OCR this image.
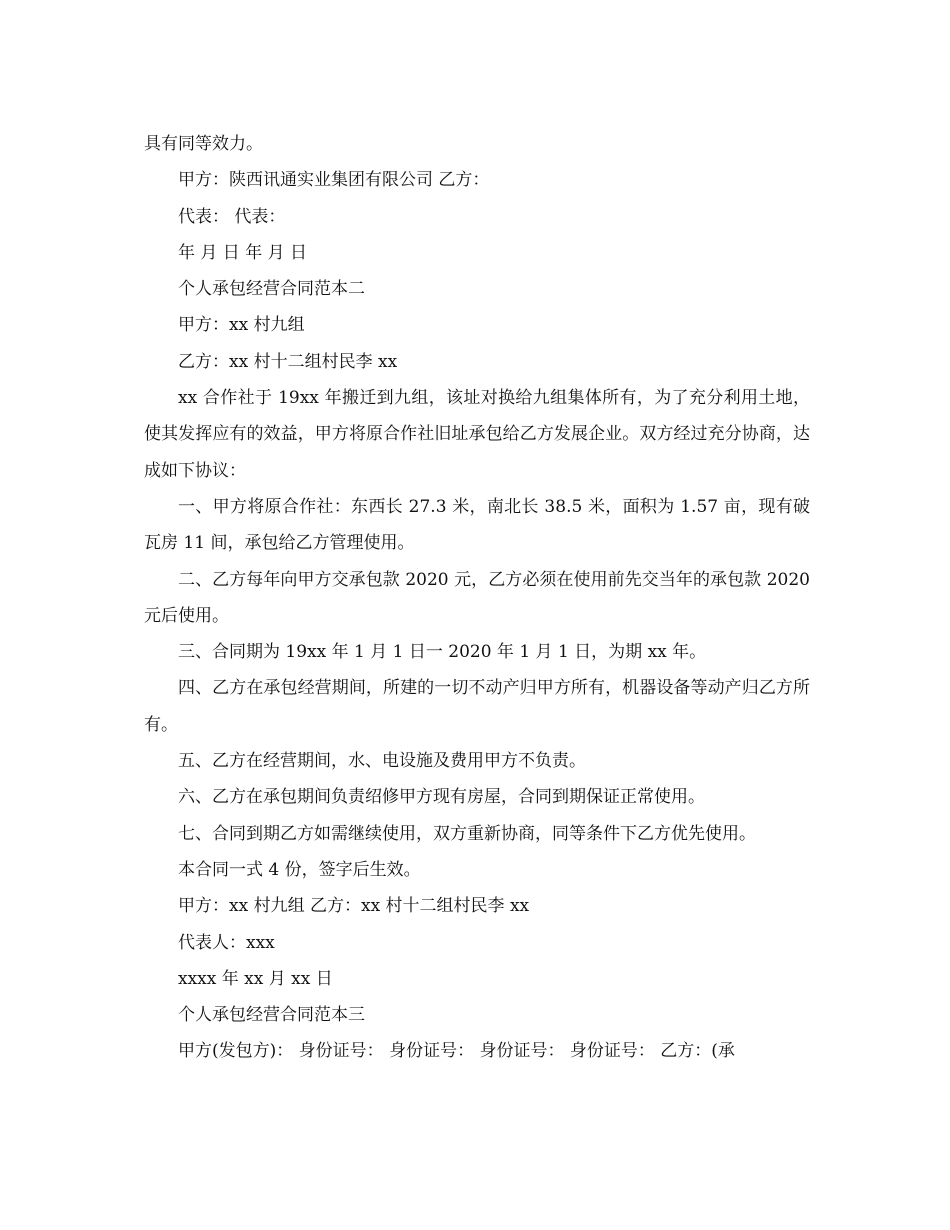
具有同等效力。

甲方：陕西讯通实业集团有限公司 乙方：

代表： 代表：

年 月 日 年 月 日

个人承包经营合同范本二

甲方：xx 村九组

乙方：xx 村十二组村民李 xx

xx 合作社于 19xx 年搬迁到九组，该址对换给九组集体所有，为了充分利用土地，使其发挥应有的效益，甲方将原合作社旧址承包给乙方发展企业。双方经过充分协商，达成如下协议：

一、甲方将原合作社：东西长 27.3 米，南北长 38.5 米，面积为 1.57 亩，现有破瓦房 11 间，承包给乙方管理使用。

二、乙方每年向甲方交承包款 2020 元，乙方必须在使用前先交当年的承包款 2020 元后使用。

三、合同期为 19xx 年 1 月 1 日一 2020 年 1 月 1 日，为期 xx 年。

四、乙方在承包经营期间，所建的一切不动产归甲方所有，机器设备等动产归乙方所有。

五、乙方在经营期间，水、电设施及费用甲方不负责。

六、乙方在承包期间负责绍修甲方现有房屋，合同到期保证正常使用。

七、合同到期乙方如需继续使用，双方重新协商，同等条件下乙方优先使用。

本合同一式 4 份，签字后生效。

甲方：xx 村九组 乙方：xx 村十二组村民李 xx

代表人：xxx

xxxx 年 xx 月 xx 日

个人承包经营合同范本三

甲方(发包方)： 身份证号： 身份证号： 身份证号： 身份证号： 乙方：(承
